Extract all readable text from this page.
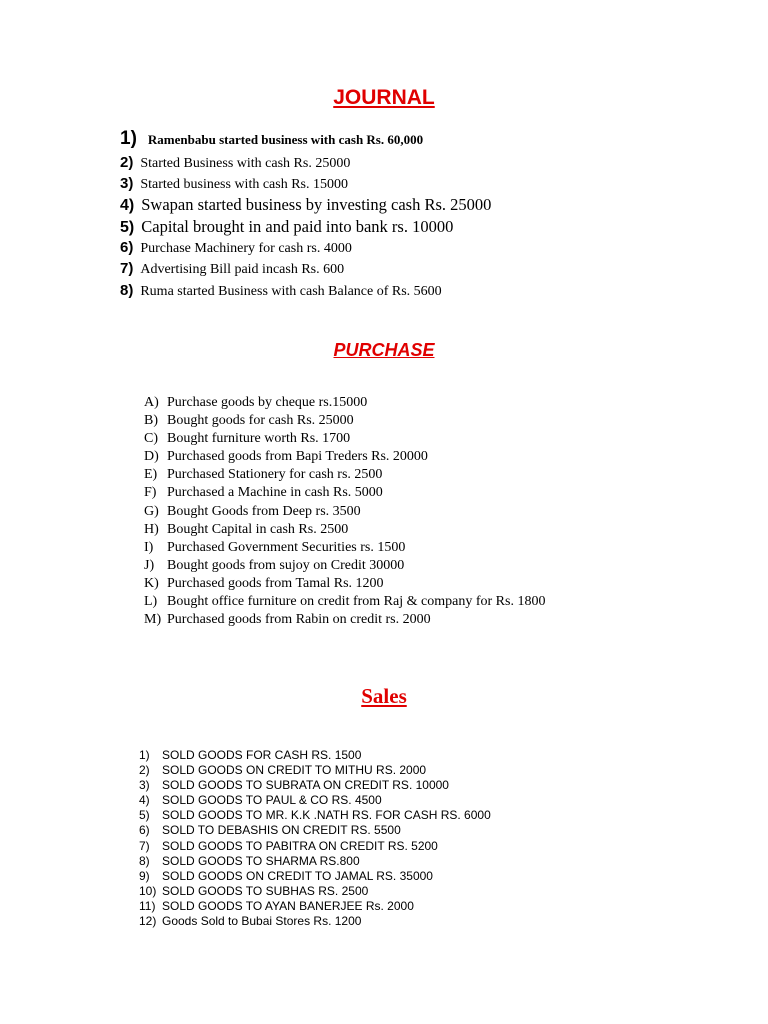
JOURNAL
1) Ramenbabu started business with cash Rs. 60,000
2) Started Business with cash Rs. 25000
3) Started business with cash Rs. 15000
4) Swapan started business by investing cash Rs. 25000
5) Capital brought in and paid into bank rs. 10000
6) Purchase Machinery for cash rs. 4000
7) Advertising Bill paid incash Rs. 600
8) Ruma started Business with cash Balance of Rs. 5600
PURCHASE
A) Purchase goods by cheque rs.15000
B) Bought goods for cash Rs. 25000
C) Bought furniture worth Rs. 1700
D) Purchased goods from Bapi Treders Rs. 20000
E) Purchased Stationery for cash rs. 2500
F) Purchased a Machine in cash Rs. 5000
G) Bought Goods from Deep rs. 3500
H) Bought Capital in cash Rs. 2500
I) Purchased Government Securities rs. 1500
J) Bought goods from sujoy on Credit 30000
K) Purchased goods from Tamal Rs. 1200
L) Bought office furniture on credit from Raj & company for Rs. 1800
M) Purchased goods from Rabin on credit rs. 2000
Sales
1) SOLD GOODS FOR CASH RS. 1500
2) SOLD GOODS ON CREDIT TO MITHU RS. 2000
3) SOLD GOODS TO SUBRATA ON CREDIT RS. 10000
4) SOLD GOODS TO PAUL & CO RS. 4500
5) SOLD GOODS TO MR. K.K .NATH RS. FOR CASH RS. 6000
6) SOLD TO DEBASHIS ON CREDIT RS. 5500
7) SOLD GOODS TO PABITRA ON CREDIT RS. 5200
8) SOLD GOODS TO SHARMA RS.800
9) SOLD GOODS ON CREDIT TO JAMAL RS. 35000
10) SOLD GOODS TO SUBHAS RS. 2500
11) SOLD GOODS TO AYAN BANERJEE Rs. 2000
12) Goods Sold to Bubai Stores Rs. 1200
